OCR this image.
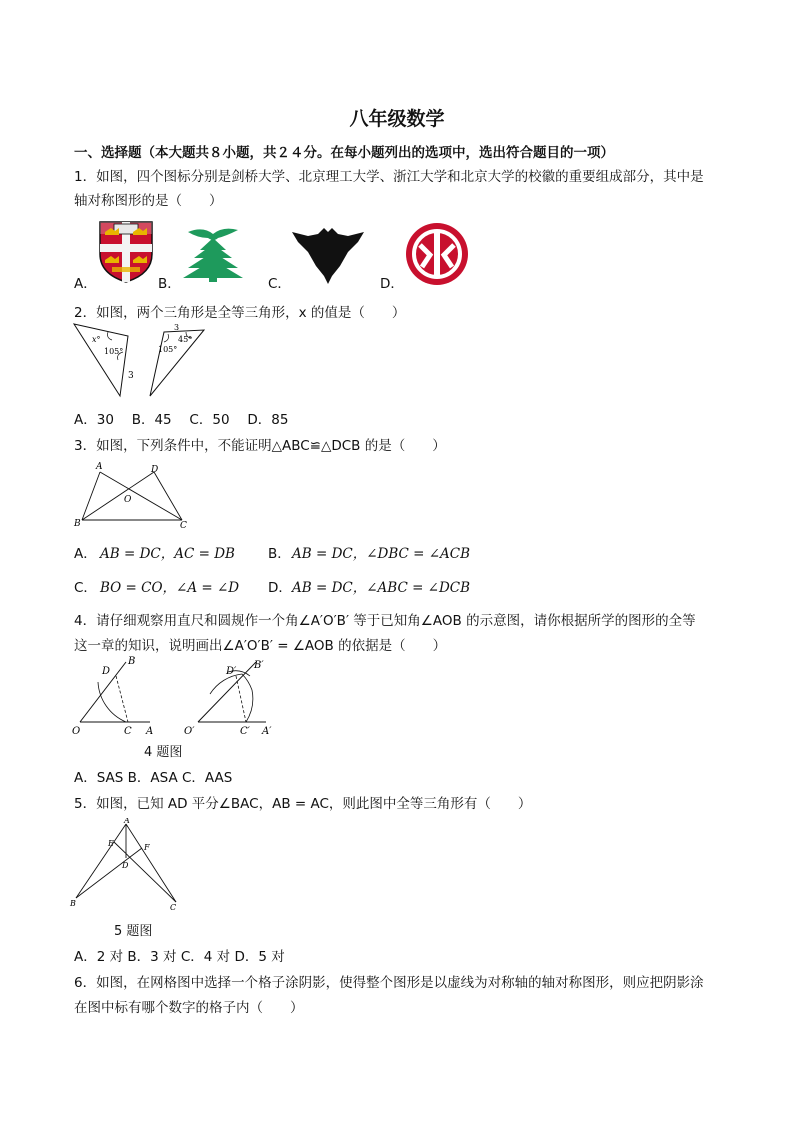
八年级数学
一、选择题（本大题共８小题，共２４分。在每小题列出的选项中，选出符合题目的一项）
1．如图，四个图标分别是剑桥大学、北京理工大学、浙江大学和北京大学的校徽的重要组成部分，其中是
轴对称图形的是（　　）
A．	B．	C．	D．
2．如图，两个三角形是全等三角形，x 的值是（　　）
x°
105°
3
3
45°
105°
A．30　 B．45　 C．50　 D．85
3．如图，下列条件中，不能证明△ABC≌△DCB 的是（　　）
A	D
O
B	C
A． AB = DC，AC = DB B． AB = DC，∠DBC = ∠ACB
C． BO = CO，∠A = ∠D D． AB = DC，∠ABC = ∠DCB
4．请仔细观察用直尺和圆规作一个角∠A′O′B′ 等于已知角∠AOB 的示意图，请你根据所学的图形的全等
这一章的知识，说明画出∠A′O′B′ = ∠AOB 的依据是（　　）
O	A
B
C
D
O′	A′
B′
C′
D′
4 题图
A．SAS B．ASA C．AAS
5．如图，已知 AD 平分∠BAC，AB = AC，则此图中全等三角形有（　　）
A
E	F
D
B	C
5 题图
A．2 对 B．3 对 C．4 对 D．5 对
6．如图，在网格图中选择一个格子涂阴影，使得整个图形是以虚线为对称轴的轴对称图形，则应把阴影涂
在图中标有哪个数字的格子内（　　）
